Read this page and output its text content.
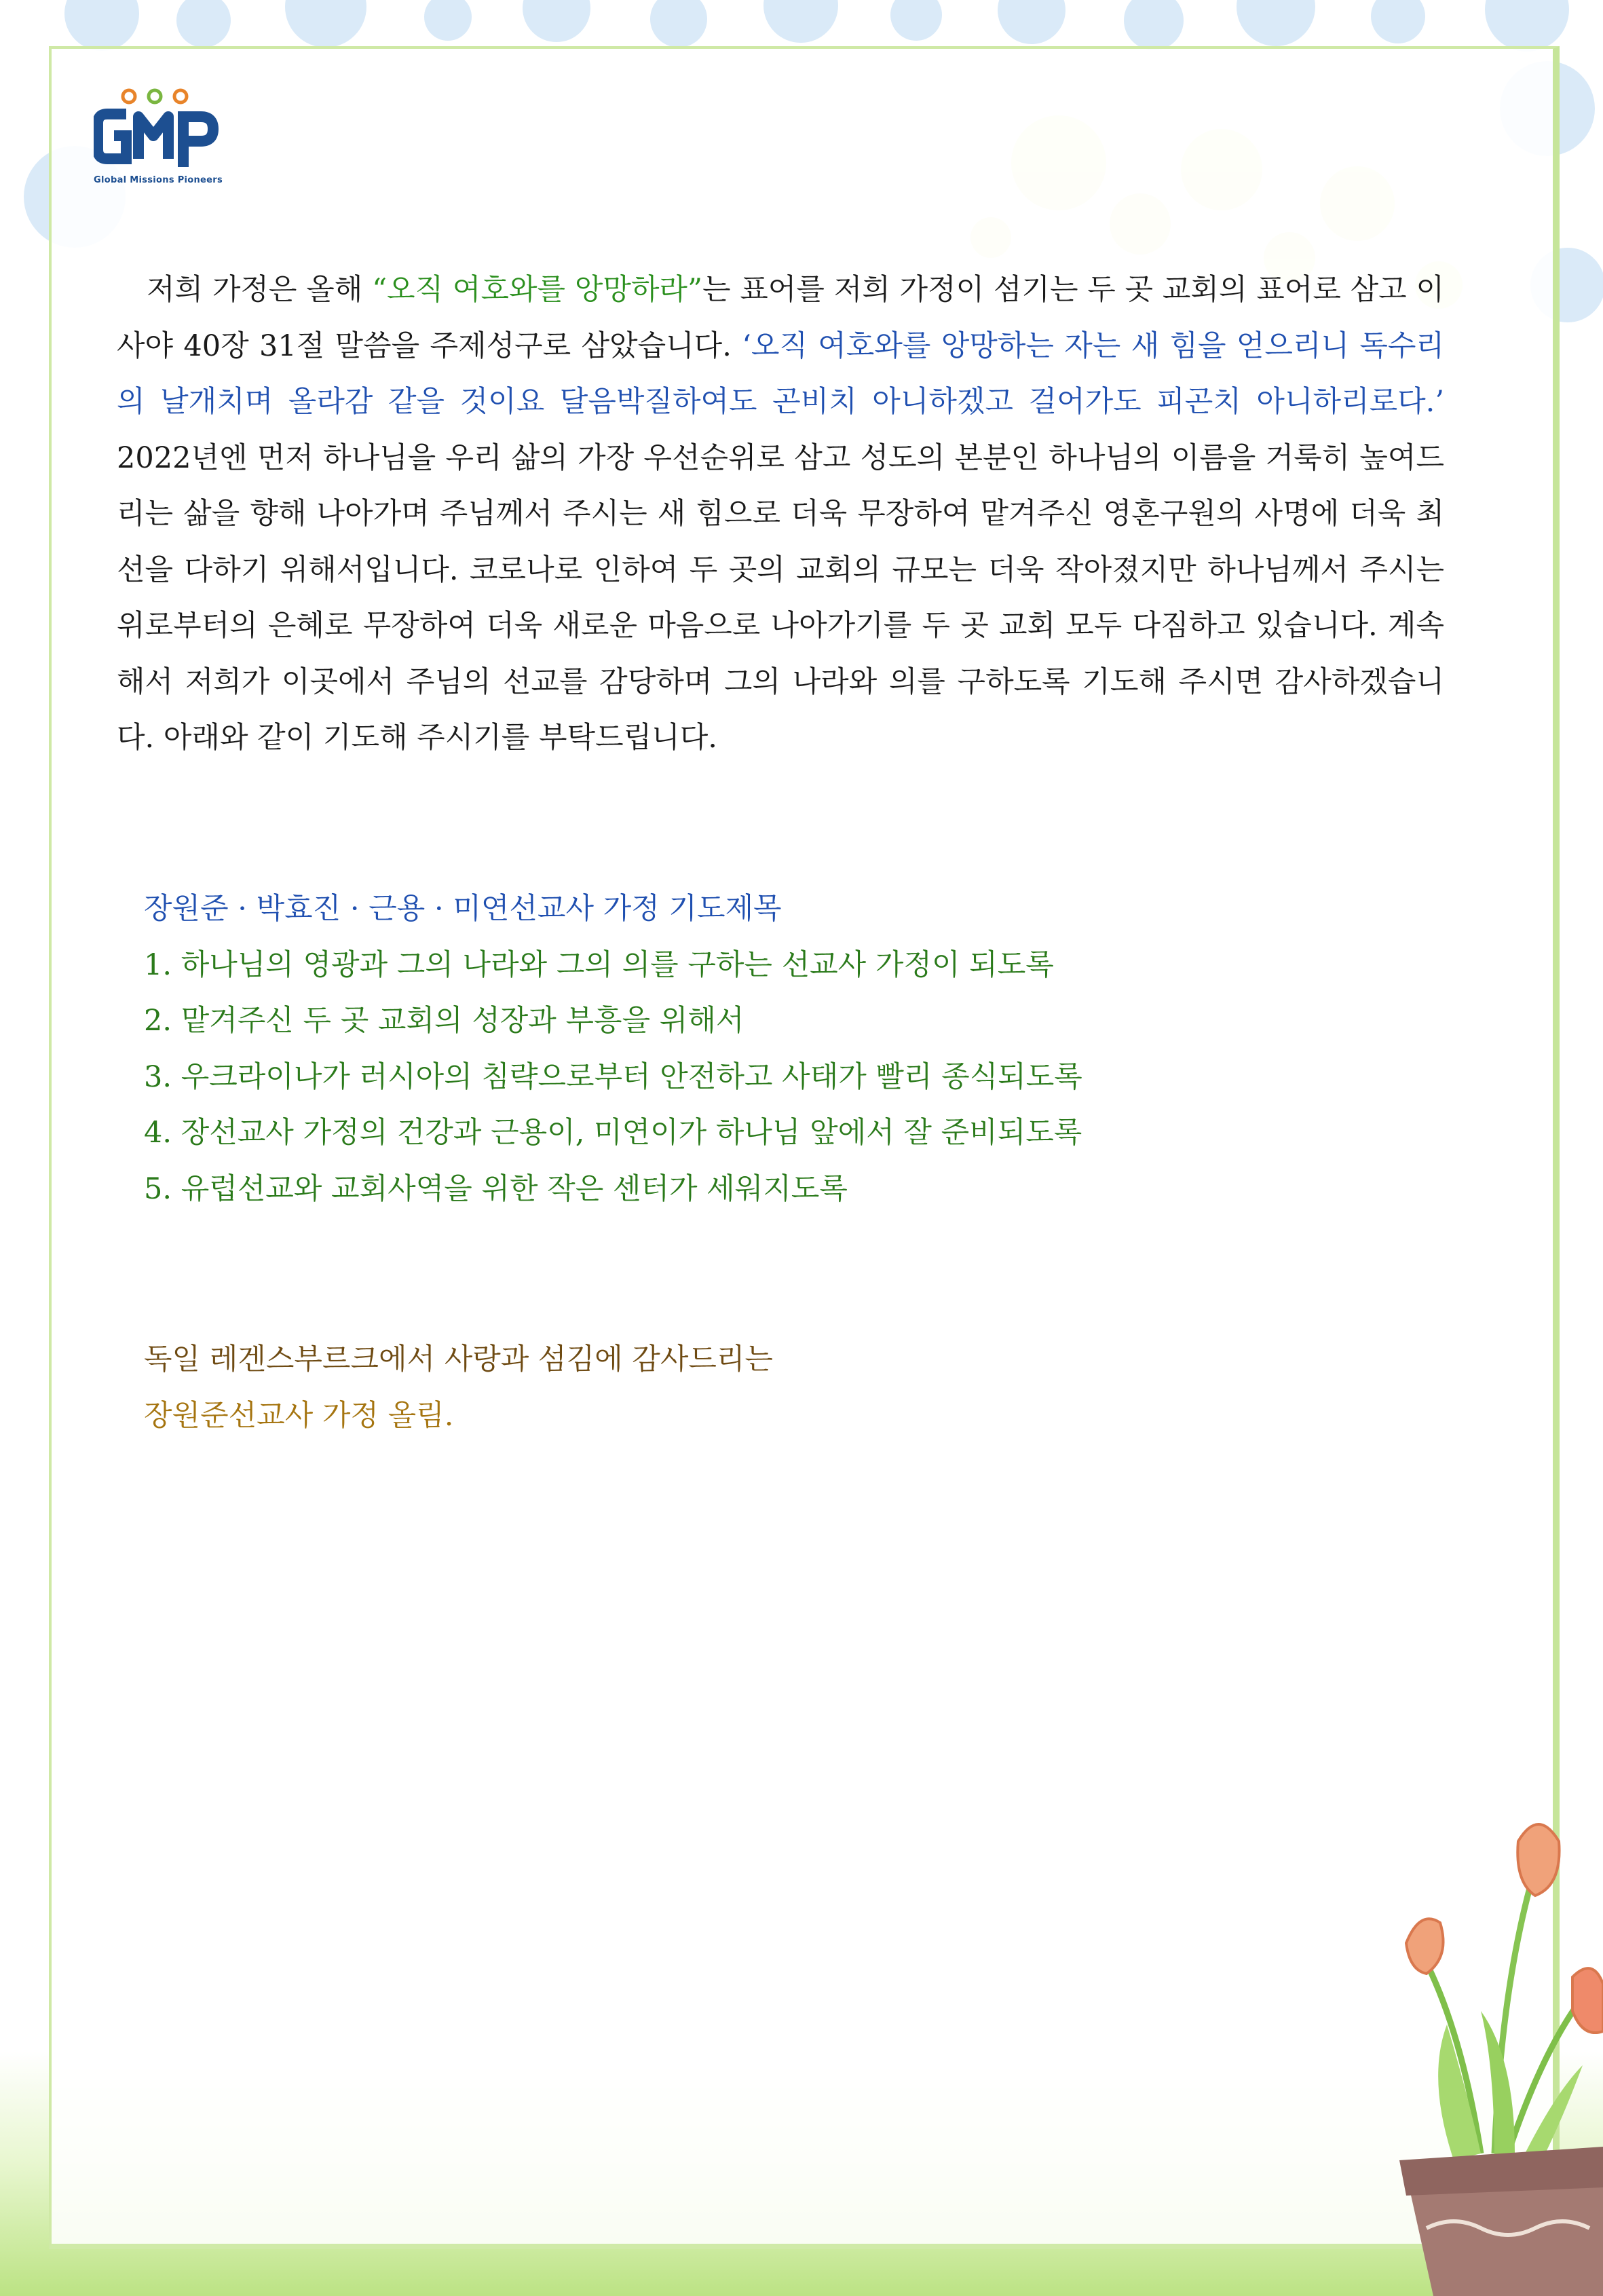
Global Missions Pioneers

저희 가정은 올해 “오직 여호와를 앙망하라”는 표어를 저희 가정이 섬기는 두 곳 교회의 표어로 삼고 이사야 40장 31절 말씀을 주제성구로 삼았습니다. ‘오직 여호와를 앙망하는 자는 새 힘을 얻으리니 독수리의 날개치며 올라감 같을 것이요 달음박질하여도 곤비치 아니하겠고 걸어가도 피곤치 아니하리로다.’ 2022년엔 먼저 하나님을 우리 삶의 가장 우선순위로 삼고 성도의 본분인 하나님의 이름을 거룩히 높여드리는 삶을 향해 나아가며 주님께서 주시는 새 힘으로 더욱 무장하여 맡겨주신 영혼구원의 사명에 더욱 최선을 다하기 위해서입니다. 코로나로 인하여 두 곳의 교회의 규모는 더욱 작아졌지만 하나님께서 주시는 위로부터의 은혜로 무장하여 더욱 새로운 마음으로 나아가기를 두 곳 교회 모두 다짐하고 있습니다. 계속해서 저희가 이곳에서 주님의 선교를 감당하며 그의 나라와 의를 구하도록 기도해 주시면 감사하겠습니다. 아래와 같이 기도해 주시기를 부탁드립니다.

장원준 · 박효진 · 근용 · 미연선교사 가정 기도제목

1. 하나님의 영광과 그의 나라와 그의 의를 구하는 선교사 가정이 되도록
2. 맡겨주신 두 곳 교회의 성장과 부흥을 위해서
3. 우크라이나가 러시아의 침략으로부터 안전하고 사태가 빨리 종식되도록
4. 장선교사 가정의 건강과 근용이, 미연이가 하나님 앞에서 잘 준비되도록
5. 유럽선교와 교회사역을 위한 작은 센터가 세워지도록

독일 레겐스부르크에서 사랑과 섬김에 감사드리는

장원준선교사 가정 올림.
